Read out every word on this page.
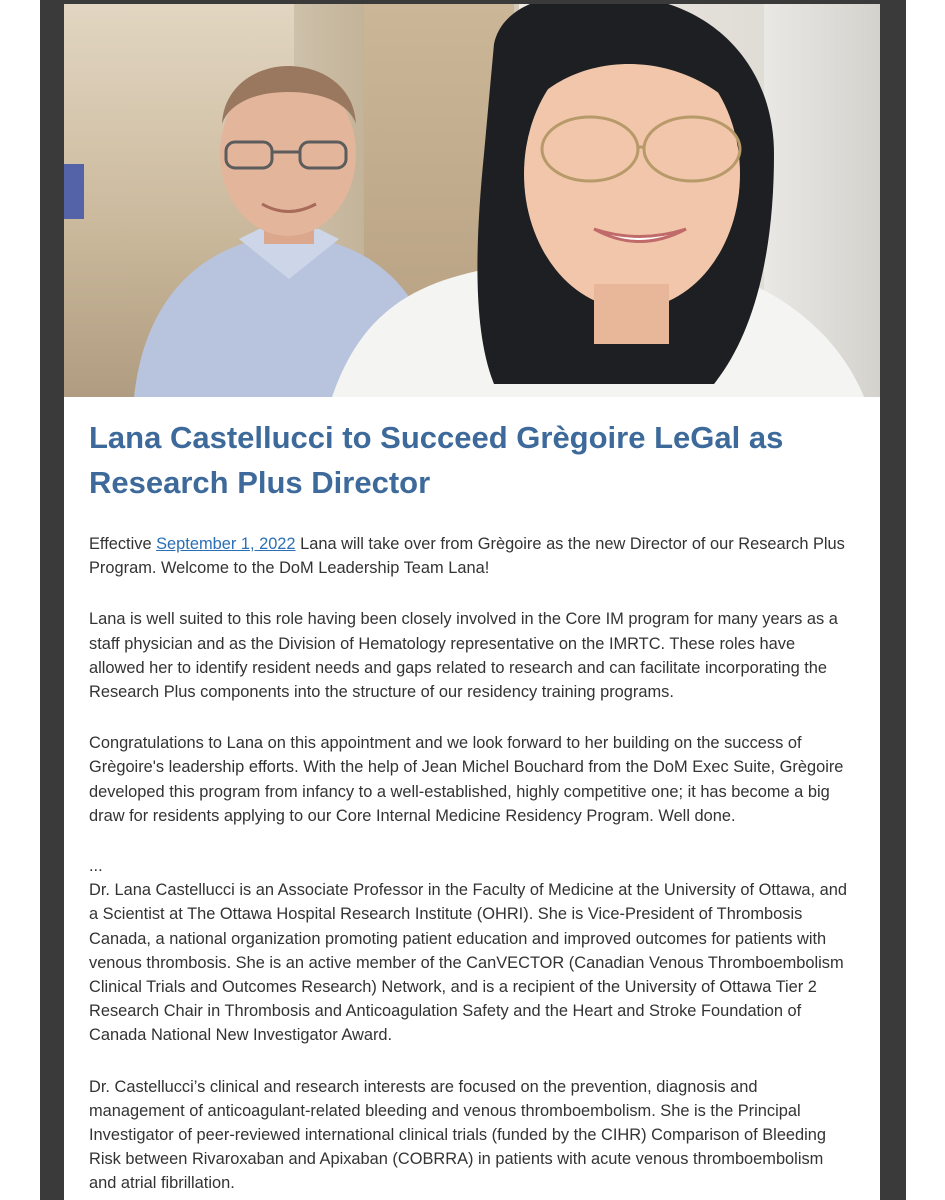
Lana Castellucci to Succeed Grègoire LeGal as Research Plus Director

Effective September 1, 2022 Lana will take over from Grègoire as the new Director of our Research Plus Program. Welcome to the DoM Leadership Team Lana!

Lana is well suited to this role having been closely involved in the Core IM program for many years as a staff physician and as the Division of Hematology representative on the IMRTC. These roles have allowed her to identify resident needs and gaps related to research and can facilitate incorporating the Research Plus components into the structure of our residency training programs.

Congratulations to Lana on this appointment and we look forward to her building on the success of Grègoire's leadership efforts. With the help of Jean Michel Bouchard from the DoM Exec Suite, Grègoire developed this program from infancy to a well-established, highly competitive one; it has become a big draw for residents applying to our Core Internal Medicine Residency Program. Well done.

...

Dr. Lana Castellucci is an Associate Professor in the Faculty of Medicine at the University of Ottawa, and a Scientist at The Ottawa Hospital Research Institute (OHRI). She is Vice-President of Thrombosis Canada, a national organization promoting patient education and improved outcomes for patients with venous thrombosis. She is an active member of the CanVECTOR (Canadian Venous Thromboembolism Clinical Trials and Outcomes Research) Network, and is a recipient of the University of Ottawa Tier 2 Research Chair in Thrombosis and Anticoagulation Safety and the Heart and Stroke Foundation of Canada National New Investigator Award.

Dr. Castellucci’s clinical and research interests are focused on the prevention, diagnosis and management of anticoagulant-related bleeding and venous thromboembolism. She is the Principal Investigator of peer-reviewed international clinical trials (funded by the CIHR) Comparison of Bleeding Risk between Rivaroxaban and Apixaban (COBRRA) in patients with acute venous thromboembolism and atrial fibrillation.
